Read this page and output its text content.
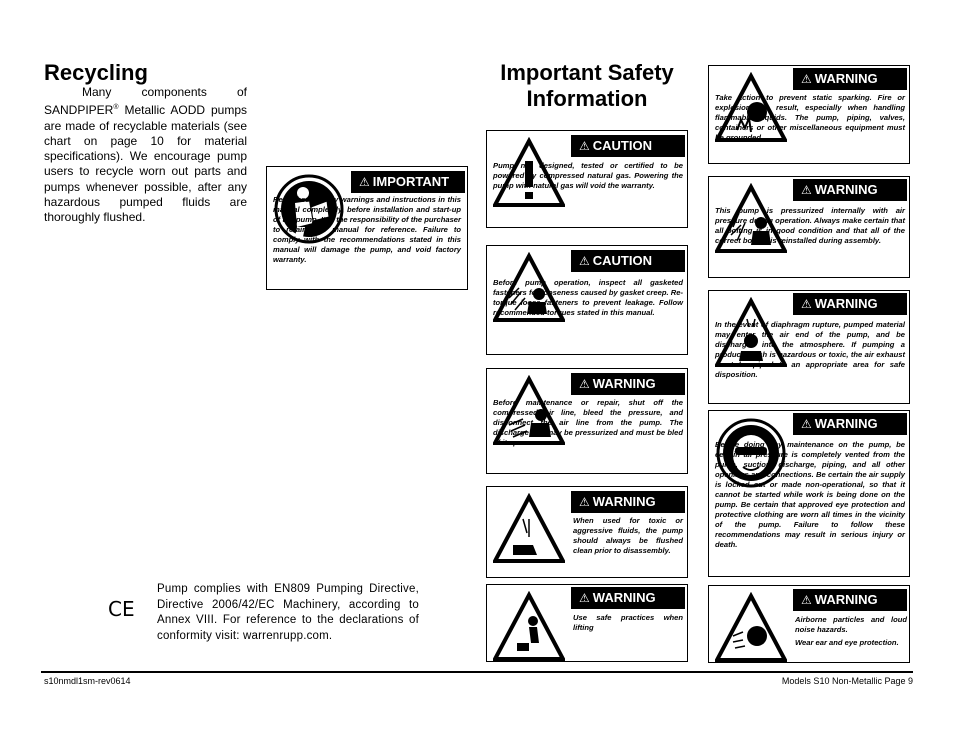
Recycling
Many components of SANDPIPER® Metallic AODD pumps are made of recyclable materials (see chart on page 10 for material specifications). We encourage pump users to recycle worn out parts and pumps whenever possible, after any hazardous pumped fluids are thoroughly flushed.
Important Safety Information
⚠ IMPORTANT
Read these safety warnings and instructions in this manual completely, before installation and start-up of the pump. It is the responsibility of the purchaser to retain this manual for reference. Failure to comply with the recommendations stated in this manual will damage the pump, and void factory warranty.
CE
Pump complies with EN809 Pumping Directive, Directive 2006/42/EC Machinery, according to Annex VIII. For reference to the declarations of conformity visit: warrenrupp.com.
⚠ CAUTION
Pump not designed, tested or certified to be powered by compressed natural gas. Powering the pump with natural gas will void the warranty.
⚠ CAUTION
Before pump operation, inspect all gasketed fasteners for looseness caused by gasket creep. Re-torque loose fasteners to prevent leakage. Follow recommended torques stated in this manual.
⚠ WARNING
Before maintenance or repair, shut off the compressed air line, bleed the pressure, and disconnect the air line from the pump. The discharge line may be pressurized and must be bled of its pressure.
⚠ WARNING
When used for toxic or aggressive fluids, the pump should always be flushed clean prior to disassembly.
⚠ WARNING
Use safe practices when lifting
⚠ WARNING
Take action to prevent static sparking. Fire or explosion can result, especially when handling flammable liquids. The pump, piping, valves, containers or other miscellaneous equipment must be grounded.
⚠ WARNING
This pump is pressurized internally with air pressure during operation. Always make certain that all bolting is in good condition and that all of the correct bolting is reinstalled during assembly.
⚠ WARNING
In the event of diaphragm rupture, pumped material may enter the air end of the pump, and be discharged into the atmosphere. If pumping a product which is hazardous or toxic, the air exhaust must be piped to an appropriate area for safe disposition.
⚠ WARNING
Before doing any maintenance on the pump, be certain all pressure is completely vented from the pump, suction, discharge, piping, and all other openings and connections. Be certain the air supply is locked out or made non-operational, so that it cannot be started while work is being done on the pump. Be certain that approved eye protection and protective clothing are worn all times in the vicinity of the pump. Failure to follow these recommendations may result in serious injury or death.
⚠ WARNING
Airborne particles and loud noise hazards.
Wear ear and eye protection.
s10nmdl1sm-rev0614	Models S10 Non-Metallic Page 9
